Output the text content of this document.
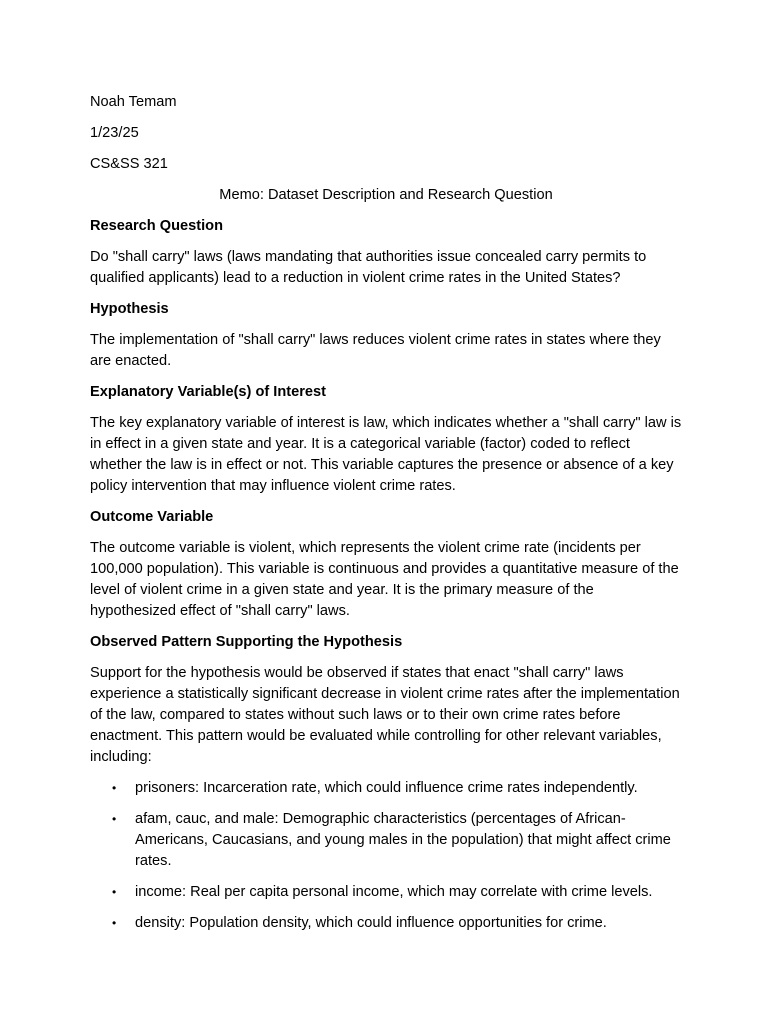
Noah Temam
1/23/25
CS&SS 321
Memo: Dataset Description and Research Question
Research Question

Do "shall carry" laws (laws mandating that authorities issue concealed carry permits to qualified applicants) lead to a reduction in violent crime rates in the United States?

Hypothesis

The implementation of "shall carry" laws reduces violent crime rates in states where they are enacted.

Explanatory Variable(s) of Interest

The key explanatory variable of interest is law, which indicates whether a "shall carry" law is in effect in a given state and year. It is a categorical variable (factor) coded to reflect whether the law is in effect or not. This variable captures the presence or absence of a key policy intervention that may influence violent crime rates.

Outcome Variable

The outcome variable is violent, which represents the violent crime rate (incidents per 100,000 population). This variable is continuous and provides a quantitative measure of the level of violent crime in a given state and year. It is the primary measure of the hypothesized effect of "shall carry" laws.

Observed Pattern Supporting the Hypothesis

Support for the hypothesis would be observed if states that enact "shall carry" laws experience a statistically significant decrease in violent crime rates after the implementation of the law, compared to states without such laws or to their own crime rates before enactment. This pattern would be evaluated while controlling for other relevant variables, including:

• prisoners: Incarceration rate, which could influence crime rates independently.
• afam, cauc, and male: Demographic characteristics (percentages of African-Americans, Caucasians, and young males in the population) that might affect crime rates.
• income: Real per capita personal income, which may correlate with crime levels.
• density: Population density, which could influence opportunities for crime.
